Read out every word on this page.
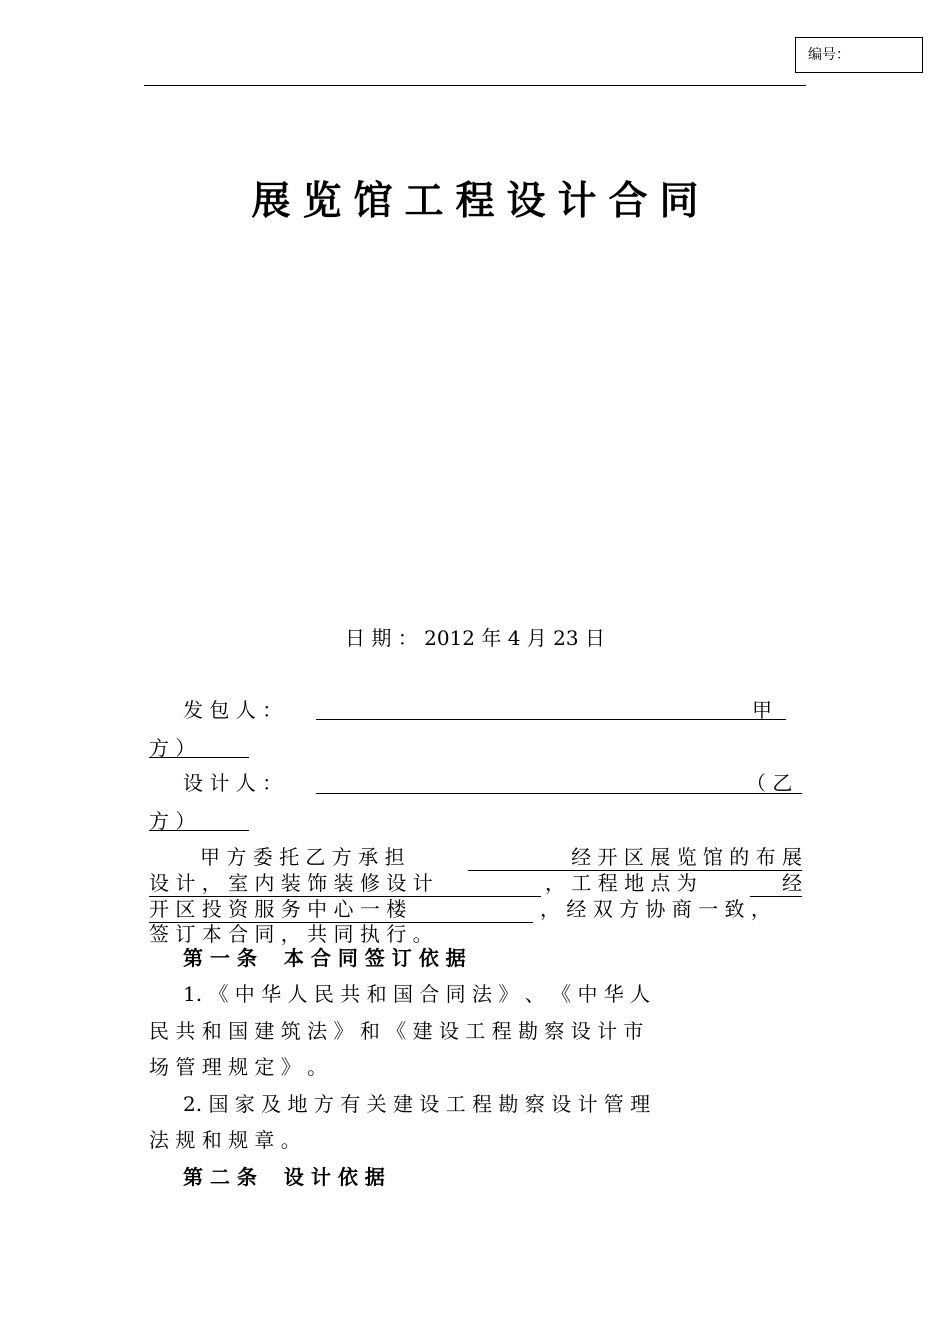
编号：
展览馆工程设计合同
日 期 ： 2012 年 4 月 23 日
发 包 人 ：	甲
方 ）
设 计 人 ：	（ 乙
方 ）
甲 方 委 托 乙 方 承 担	经 开 区 展 览 馆 的 布 展
设 计 ， 室 内 装 饰 装 修 设 计	， 工 程 地 点 为	经
开 区 投 资 服 务 中 心 一 楼	， 经 双 方 协 商 一 致 ，
签 订 本 合 同 ， 共 同 执 行 。
第 一 条　 本 合 同 签 订 依 据
1. 《 中 华 人 民 共 和 国 合 同 法 》 、 《 中 华 人
民 共 和 国 建 筑 法 》 和 《 建 设 工 程 勘 察 设 计 市
场 管 理 规 定 》 。
2. 国 家 及 地 方 有 关 建 设 工 程 勘 察 设 计 管 理
法 规 和 规 章 。
第 二 条　 设 计 依 据
